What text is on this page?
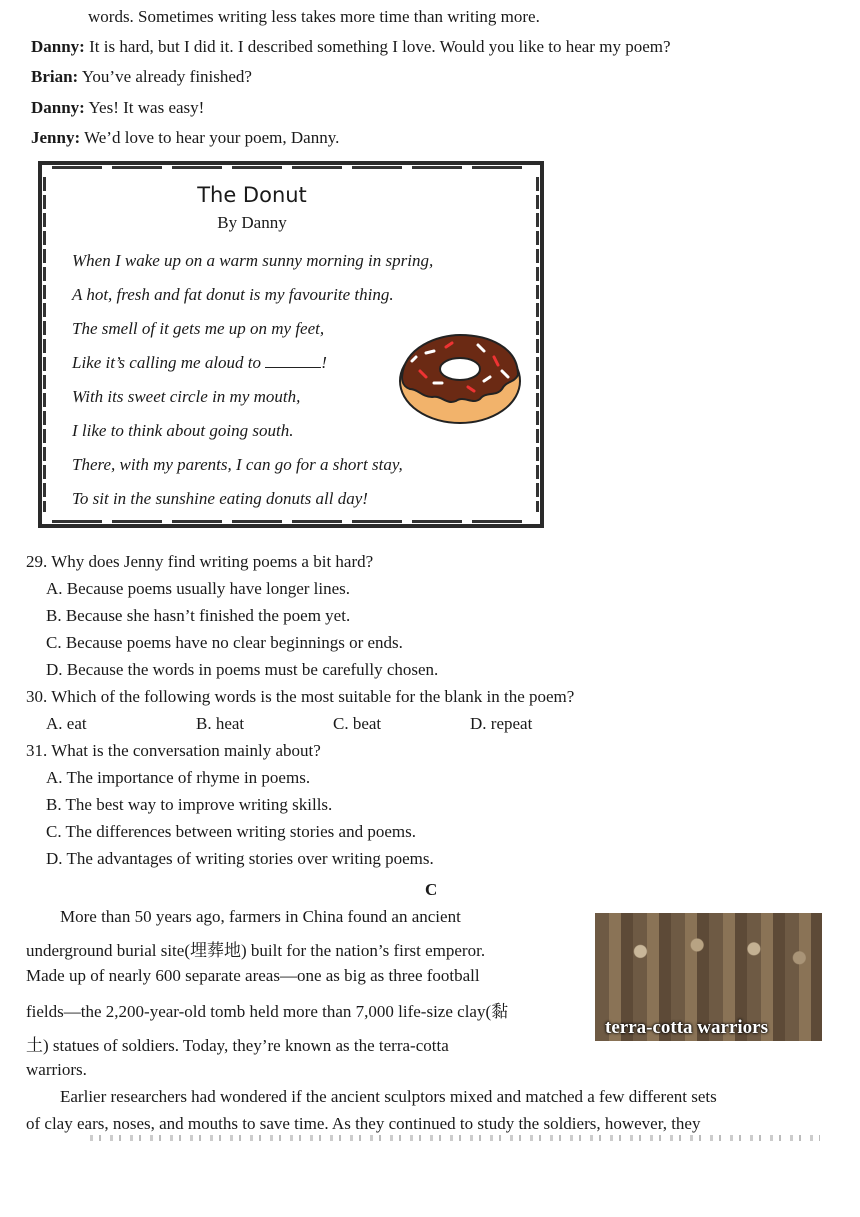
words. Sometimes writing less takes more time than writing more.
Danny: It is hard, but I did it. I described something I love. Would you like to hear my poem?
Brian: You’ve already finished?
Danny: Yes! It was easy!
Jenny: We’d love to hear your poem, Danny.
The Donut
By Danny
When I wake up on a warm sunny morning in spring,
A hot, fresh and fat donut is my favourite thing.
The smell of it gets me up on my feet,
Like it’s calling me aloud to	!
With its sweet circle in my mouth,
I like to think about going south.
There, with my parents, I can go for a short stay,
To sit in the sunshine eating donuts all day!
29. Why does Jenny find writing poems a bit hard?
A. Because poems usually have longer lines.
B. Because she hasn’t finished the poem yet.
C. Because poems have no clear beginnings or ends.
D. Because the words in poems must be carefully chosen.
30. Which of the following words is the most suitable for the blank in the poem?
A. eat	B. heat	C. beat	D. repeat
31. What is the conversation mainly about?
A. The importance of rhyme in poems.
B. The best way to improve writing skills.
C. The differences between writing stories and poems.
D. The advantages of writing stories over writing poems.
C
More than 50 years ago, farmers in China found an ancient
underground burial site(埋葬地) built for the nation’s first emperor.
Made up of nearly 600 separate areas—one as big as three football
fields—the 2,200-year-old tomb held more than 7,000 life-size clay(黏
土) statues of soldiers. Today, they’re known as the terra-cotta
warriors.
Earlier researchers had wondered if the ancient sculptors mixed and matched a few different sets
of clay ears, noses, and mouths to save time. As they continued to study the soldiers, however, they
terra-cotta warriors
